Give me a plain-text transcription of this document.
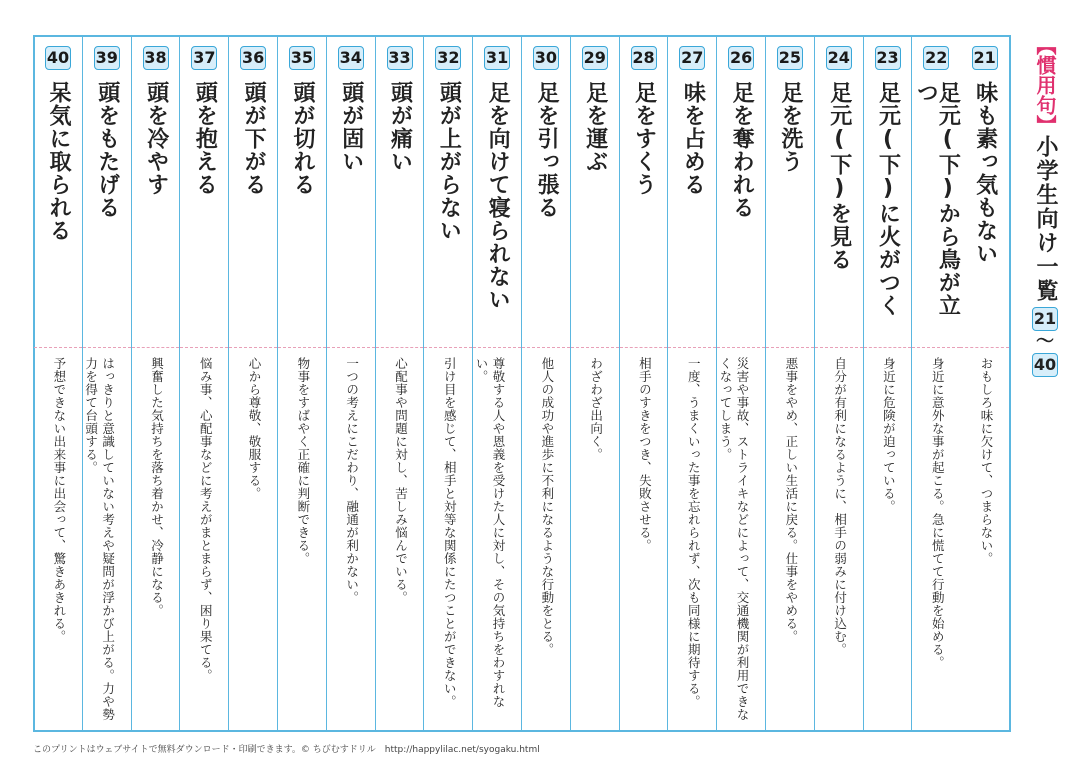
21
味も素っ気もない
おもしろ味に欠けて、つまらない。
22
足元(下)から鳥が立つ
身近に意外な事が起こる。急に慌てて行動を始める。
23
足元(下)に火がつく
身近に危険が迫っている。
24
足元(下)を見る
自分が有利になるように、相手の弱みに付け込む。
25
足を洗う
悪事をやめ、正しい生活に戻る。仕事をやめる。
26
足を奪われる
災害や事故、ストライキなどによって、交通機関が利用できなくなってしまう。
27
味を占める
一度、うまくいった事を忘れられず、次も同様に期待する。
28
足をすくう
相手のすきをつき、失敗させる。
29
足を運ぶ
わざわざ出向く。
30
足を引っ張る
他人の成功や進歩に不利になるような行動をとる。
31
足を向けて寝られない
尊敬する人や恩義を受けた人に対し、その気持ちをわすれない。
32
頭が上がらない
引け目を感じて、相手と対等な関係にたつことができない。
33
頭が痛い
心配事や問題に対し、苦しみ悩んでいる。
34
頭が固い
一つの考えにこだわり、融通が利かない。
35
頭が切れる
物事をすばやく正確に判断できる。
36
頭が下がる
心から尊敬、敬服する。
37
頭を抱える
悩み事、心配事などに考えがまとまらず、困り果てる。
38
頭を冷やす
興奮した気持ちを落ち着かせ、冷静になる。
39
頭をもたげる
はっきりと意識していない考えや疑問が浮かび上がる。力や勢力を得て台頭する。
40
呆気に取られる
予想できない出来事に出会って、驚きあきれる。
【慣用句】
小学生向け一覧
21
〜
40
このプリントはウェブサイトで無料ダウンロード・印刷できます。© ちびむすドリル　http://happylilac.net/syogaku.html
